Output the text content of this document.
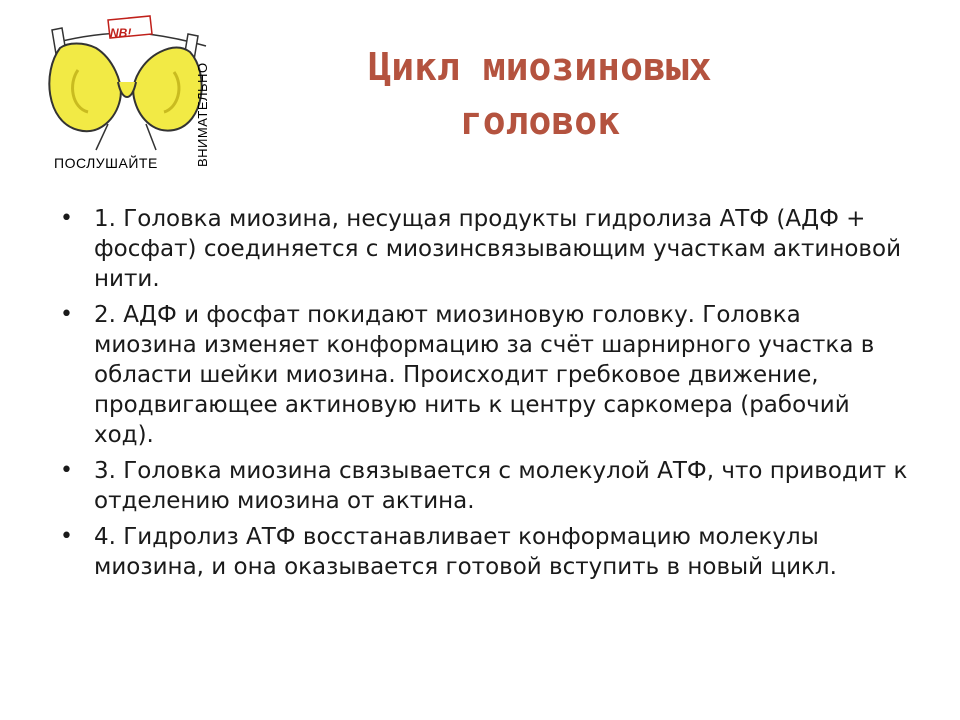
NB!
ПОСЛУШАЙТЕ	ВНИМАТЕЛЬНО	Цикл миозиновых
головок
• 1. Головка миозина, несущая продукты гидролиза АТФ (АДФ + фосфат) соединяется с миозинсвязывающим участкам актиновой нити.
• 2. АДФ и фосфат покидают миозиновую головку. Головка миозина изменяет конформацию за счёт шарнирного участка в области шейки миозина. Происходит гребковое движение, продвигающее актиновую нить к центру саркомера (рабочий ход).
• 3. Головка миозина связывается с молекулой АТФ, что приводит к отделению миозина от актина.
• 4. Гидролиз АТФ восстанавливает конформацию молекулы миозина, и она оказывается готовой вступить в новый цикл.
